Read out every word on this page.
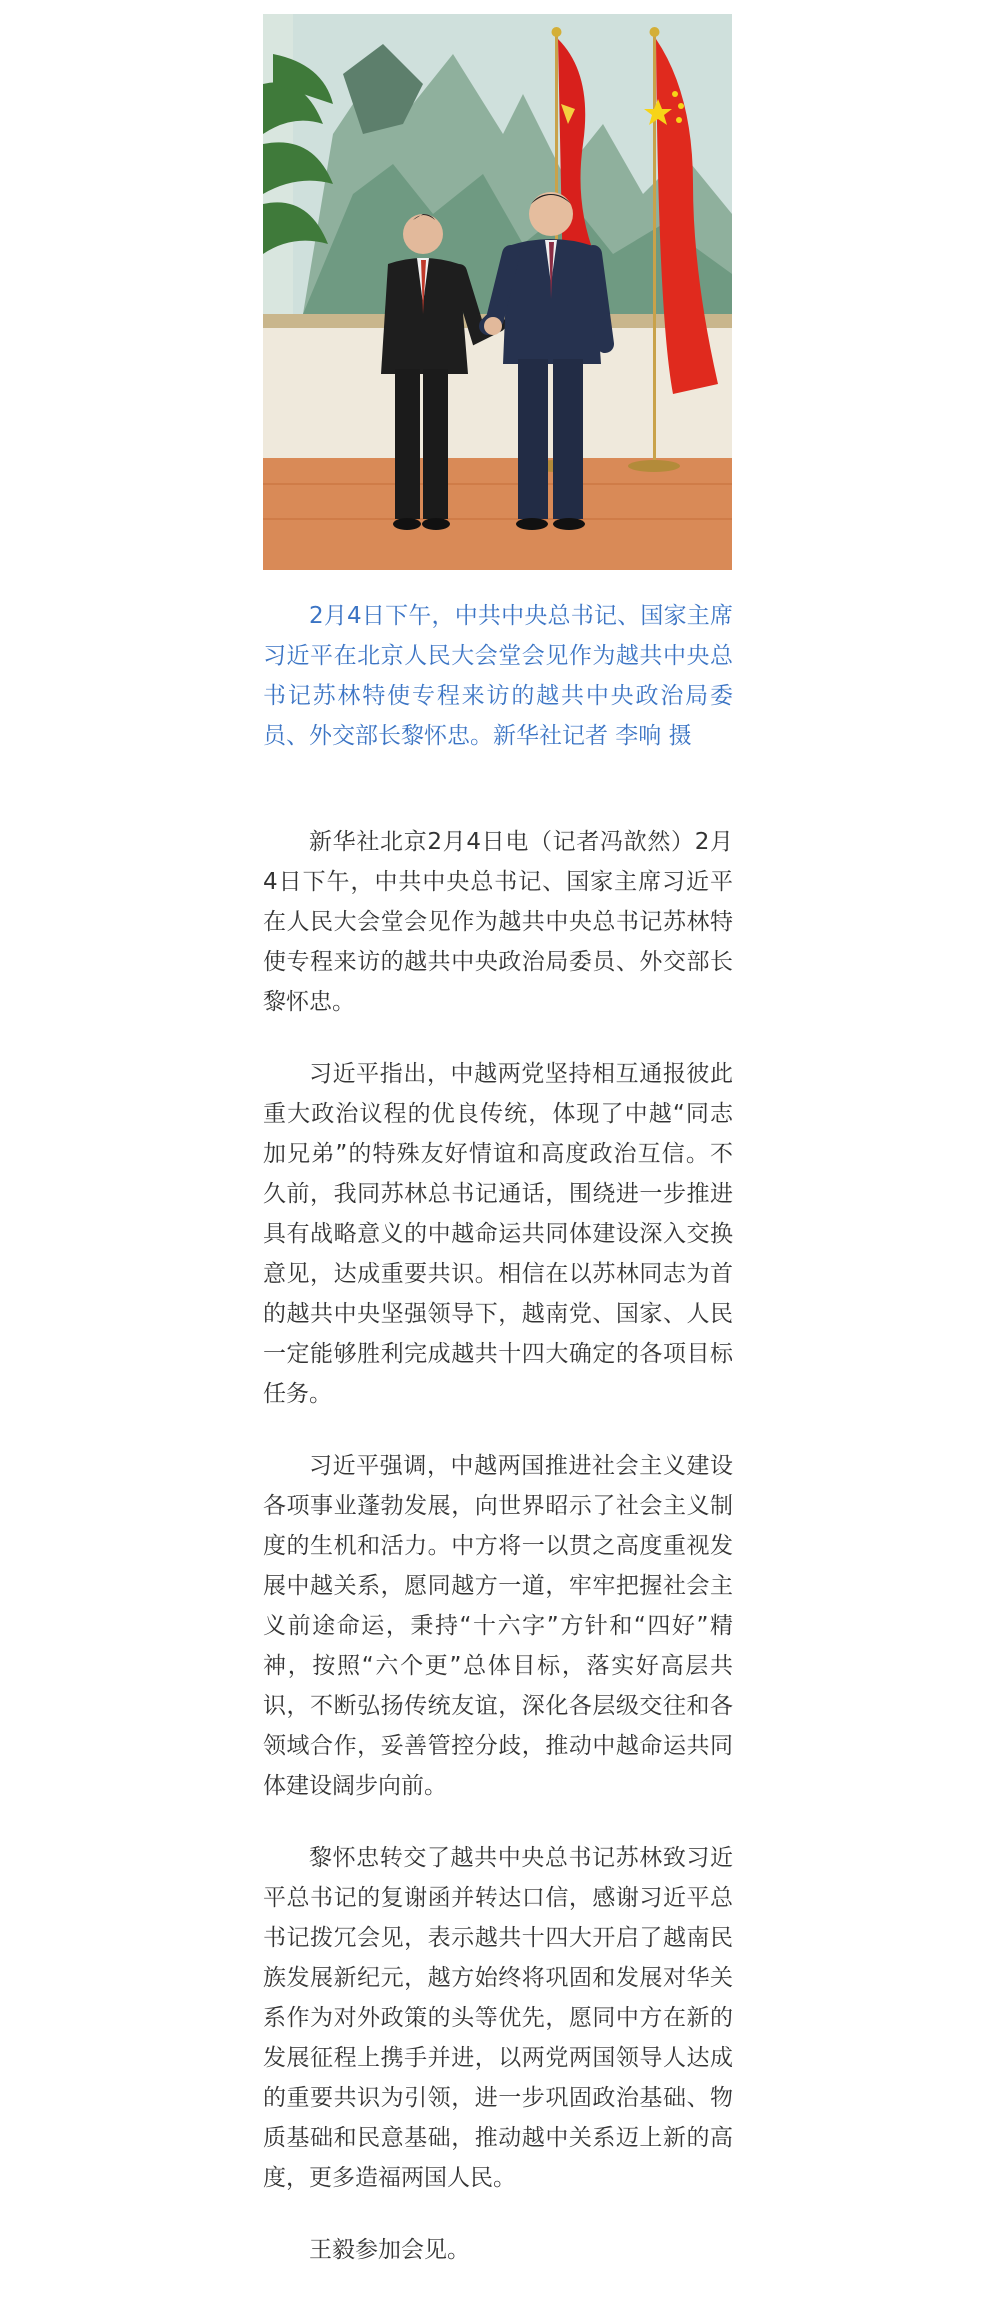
2月4日下午，中共中央总书记、国家主席习近平在北京人民大会堂会见作为越共中央总书记苏林特使专程来访的越共中央政治局委员、外交部长黎怀忠。新华社记者 李响 摄

新华社北京2月4日电（记者冯歆然）2月4日下午，中共中央总书记、国家主席习近平在人民大会堂会见作为越共中央总书记苏林特使专程来访的越共中央政治局委员、外交部长黎怀忠。

习近平指出，中越两党坚持相互通报彼此重大政治议程的优良传统，体现了中越“同志加兄弟”的特殊友好情谊和高度政治互信。不久前，我同苏林总书记通话，围绕进一步推进具有战略意义的中越命运共同体建设深入交换意见，达成重要共识。相信在以苏林同志为首的越共中央坚强领导下，越南党、国家、人民一定能够胜利完成越共十四大确定的各项目标任务。

习近平强调，中越两国推进社会主义建设各项事业蓬勃发展，向世界昭示了社会主义制度的生机和活力。中方将一以贯之高度重视发展中越关系，愿同越方一道，牢牢把握社会主义前途命运，秉持“十六字”方针和“四好”精神，按照“六个更”总体目标，落实好高层共识，不断弘扬传统友谊，深化各层级交往和各领域合作，妥善管控分歧，推动中越命运共同体建设阔步向前。

黎怀忠转交了越共中央总书记苏林致习近平总书记的复谢函并转达口信，感谢习近平总书记拨冗会见，表示越共十四大开启了越南民族发展新纪元，越方始终将巩固和发展对华关系作为对外政策的头等优先，愿同中方在新的发展征程上携手并进，以两党两国领导人达成的重要共识为引领，进一步巩固政治基础、物质基础和民意基础，推动越中关系迈上新的高度，更多造福两国人民。

王毅参加会见。
